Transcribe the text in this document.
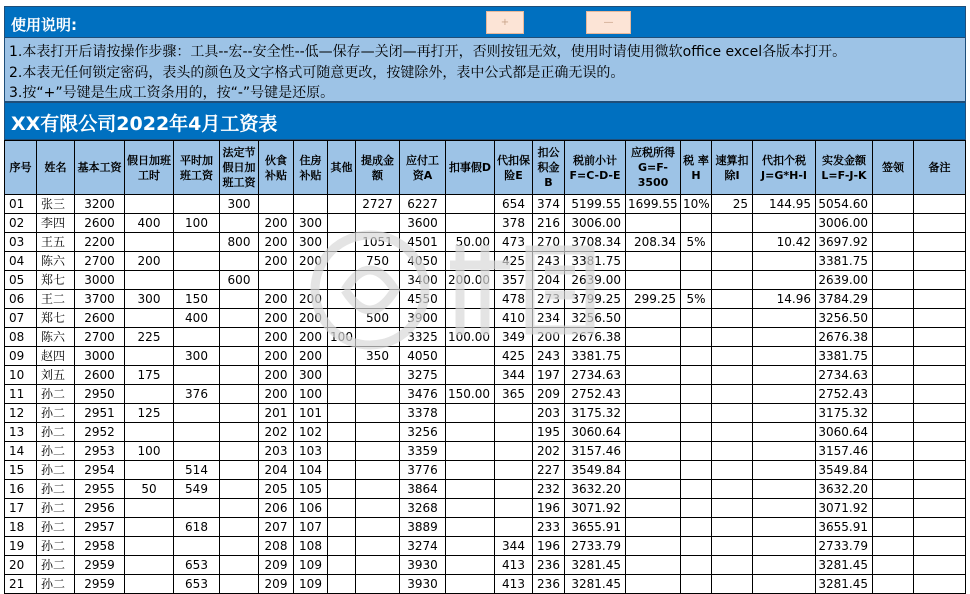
使用说明:	+	—
1.本表打开后请按操作步骤：工具--宏--安全性--低—保存—关闭—再打开，否则按钮无效，使用时请使用微软office excel各版本打开。
2.本表无任何锁定密码，表头的颜色及文字格式可随意更改，按键除外，表中公式都是正确无误的。
3.按“+”号键是生成工资条用的，按“-”号键是还原。
XX有限公司2022年4月工资表
序号	姓名	基本工资	假日加班工时	平时加班工资	法定节假日加班工资	伙食补贴	住房补贴	其他	提成金额	应付工资A	扣事假D	代扣保险E	扣公积金B	税前小计F=C-D-E	应税所得G=F-3500	税 率H	速算扣除I	代扣个税J=G*H-I	实发金额L=F-J-K	签领	备注
01	张三	3200			300				2727	6227		654	374	5199.55	1699.55	10%	25	144.95	5054.60		
02	李四	2600	400	100		200	300			3600		378	216	3006.00					3006.00		
03	王五	2200			800	200	300		1051	4501	50.00	473	270	3708.34	208.34	5%		10.42	3697.92		
04	陈六	2700	200			200	200		750	4050		425	243	3381.75					3381.75		
05	郑七	3000			600					3400	200.00	357	204	2639.00					2639.00		
06	王二	3700	300	150		200	200			4550		478	273	3799.25	299.25	5%		14.96	3784.29		
07	郑七	2600		400		200	200		500	3900		410	234	3256.50					3256.50		
08	陈六	2700	225			200	200	100		3325	100.00	349	200	2676.38					2676.38		
09	赵四	3000		300		200	200		350	4050		425	243	3381.75					3381.75		
10	刘五	2600	175			200	300			3275		344	197	2734.63					2734.63		
11	孙二	2950		376		200	100			3476	150.00	365	209	2752.43					2752.43		
12	孙二	2951	125			201	101			3378			203	3175.32					3175.32		
13	孙二	2952				202	102			3256			195	3060.64					3060.64		
14	孙二	2953	100			203	103			3359			202	3157.46					3157.46		
15	孙二	2954		514		204	104			3776			227	3549.84					3549.84		
16	孙二	2955	50	549		205	105			3864			232	3632.20					3632.20		
17	孙二	2956				206	106			3268			196	3071.92					3071.92		
18	孙二	2957		618		207	107			3889			233	3655.91					3655.91		
19	孙二	2958				208	108			3274		344	196	2733.79					2733.79		
20	孙二	2959		653		209	109			3930		413	236	3281.45					3281.45		
21	孙二	2959		653		209	109			3930		413	236	3281.45					3281.45		
